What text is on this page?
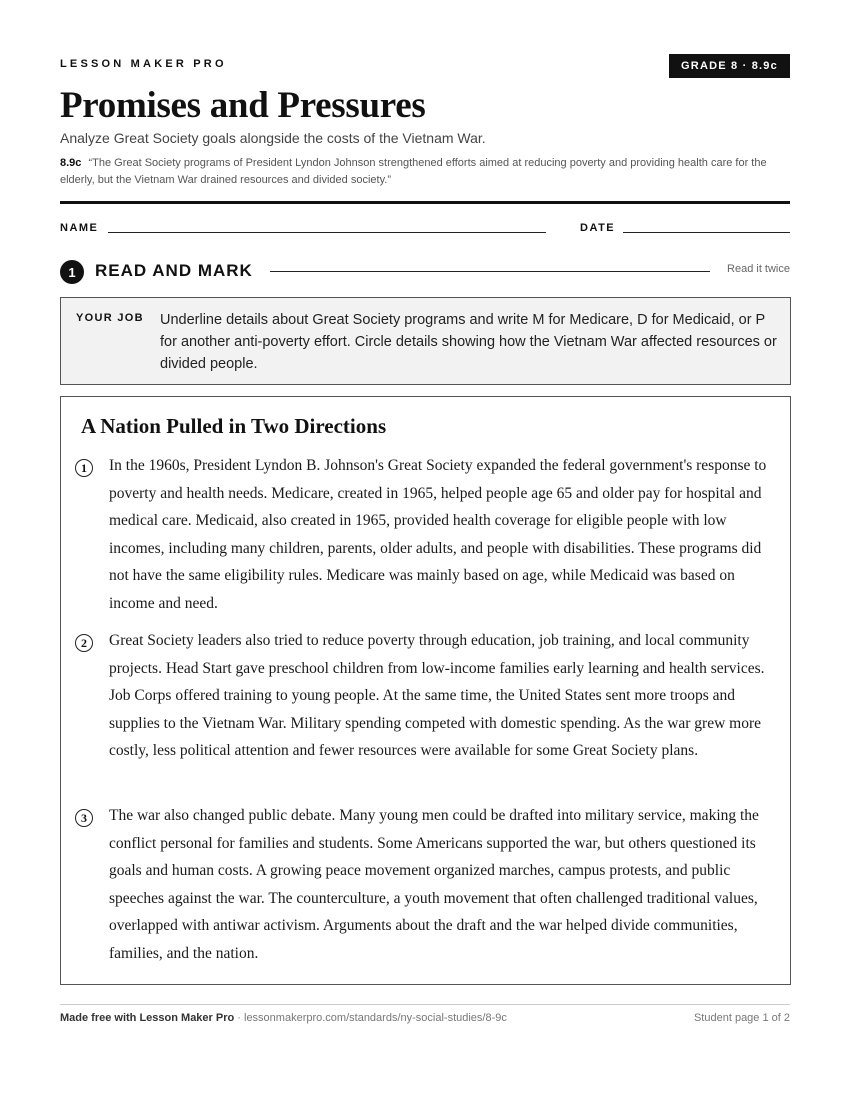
LESSON MAKER PRO	GRADE 8 · 8.9c
Promises and Pressures
Analyze Great Society goals alongside the costs of the Vietnam War.
8.9c “The Great Society programs of President Lyndon Johnson strengthened efforts aimed at reducing poverty and providing health care for the elderly, but the Vietnam War drained resources and divided society.”
NAME	DATE
1	READ AND MARK	Read it twice
YOUR JOB Underline details about Great Society programs and write M for Medicare, D for Medicaid, or P for another anti-poverty effort. Circle details showing how the Vietnam War affected resources or divided people.
A Nation Pulled in Two Directions
1	In the 1960s, President Lyndon B. Johnson's Great Society expanded the federal government's response to poverty and health needs. Medicare, created in 1965, helped people age 65 and older pay for hospital and medical care. Medicaid, also created in 1965, provided health coverage for eligible people with low incomes, including many children, parents, older adults, and people with disabilities. These programs did not have the same eligibility rules. Medicare was mainly based on age, while Medicaid was based on income and need.

2	Great Society leaders also tried to reduce poverty through education, job training, and local community projects. Head Start gave preschool children from low-income families early learning and health services. Job Corps offered training to young people. At the same time, the United States sent more troops and supplies to the Vietnam War. Military spending competed with domestic spending. As the war grew more costly, less political attention and fewer resources were available for some Great Society plans.

3	The war also changed public debate. Many young men could be drafted into military service, making the conflict personal for families and students. Some Americans supported the war, but others questioned its goals and human costs. A growing peace movement organized marches, campus protests, and public speeches against the war. The counterculture, a youth movement that often challenged traditional values, overlapped with antiwar activism. Arguments about the draft and the war helped divide communities, families, and the nation.

Made free with Lesson Maker Pro · lessonmakerpro.com/standards/ny-social-studies/8-9c	Student page 1 of 2
